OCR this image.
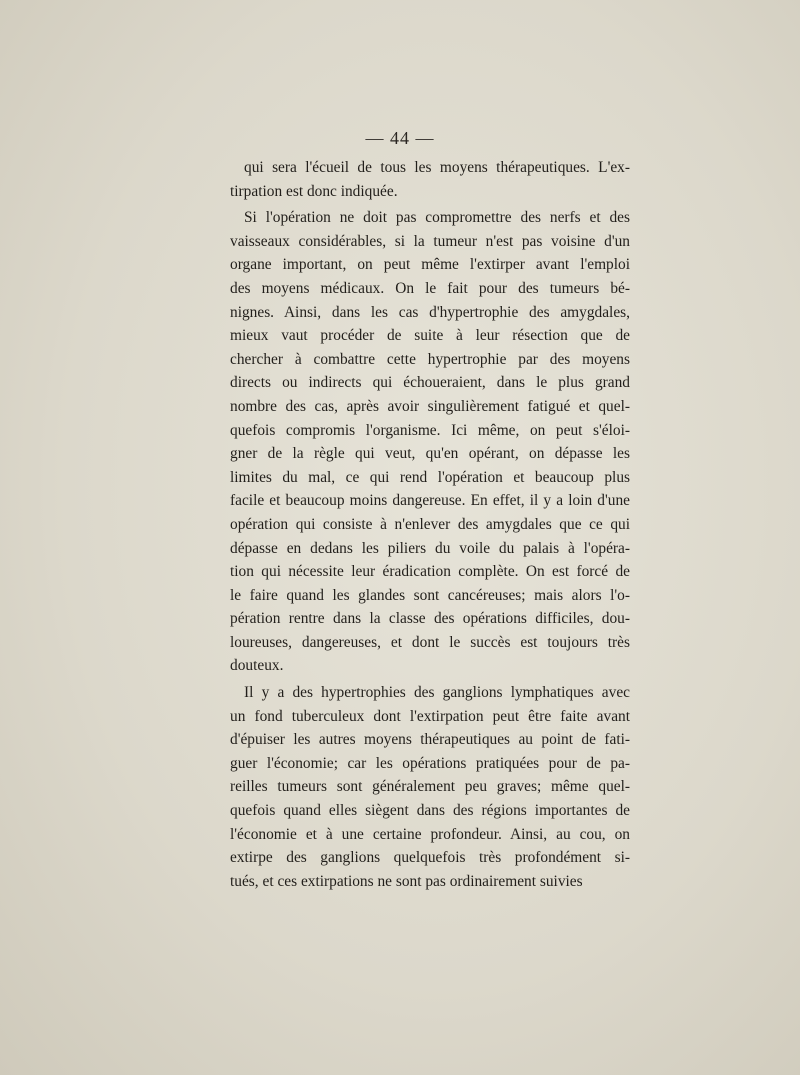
— 44 —
qui sera l'écueil de tous les moyens thérapeutiques. L'ex-
tirpation est donc indiquée.
Si l'opération ne doit pas compromettre des nerfs et des
vaisseaux considérables, si la tumeur n'est pas voisine d'un
organe important, on peut même l'extirper avant l'emploi
des moyens médicaux. On le fait pour des tumeurs bé-
nignes. Ainsi, dans les cas d'hypertrophie des amygdales,
mieux vaut procéder de suite à leur résection que de
chercher à combattre cette hypertrophie par des moyens
directs ou indirects qui échoueraient, dans le plus grand
nombre des cas, après avoir singulièrement fatigué et quel-
quefois compromis l'organisme. Ici même, on peut s'éloi-
gner de la règle qui veut, qu'en opérant, on dépasse les
limites du mal, ce qui rend l'opération et beaucoup plus
facile et beaucoup moins dangereuse. En effet, il y a loin d'une
opération qui consiste à n'enlever des amygdales que ce qui
dépasse en dedans les piliers du voile du palais à l'opéra-
tion qui nécessite leur éradication complète. On est forcé de
le faire quand les glandes sont cancéreuses; mais alors l'o-
pération rentre dans la classe des opérations difficiles, dou-
loureuses, dangereuses, et dont le succès est toujours très
douteux.
Il y a des hypertrophies des ganglions lymphatiques avec
un fond tuberculeux dont l'extirpation peut être faite avant
d'épuiser les autres moyens thérapeutiques au point de fati-
guer l'économie; car les opérations pratiquées pour de pa-
reilles tumeurs sont généralement peu graves; même quel-
quefois quand elles siègent dans des régions importantes de
l'économie et à une certaine profondeur. Ainsi, au cou, on
extirpe des ganglions quelquefois très profondément si-
tués, et ces extirpations ne sont pas ordinairement suivies
